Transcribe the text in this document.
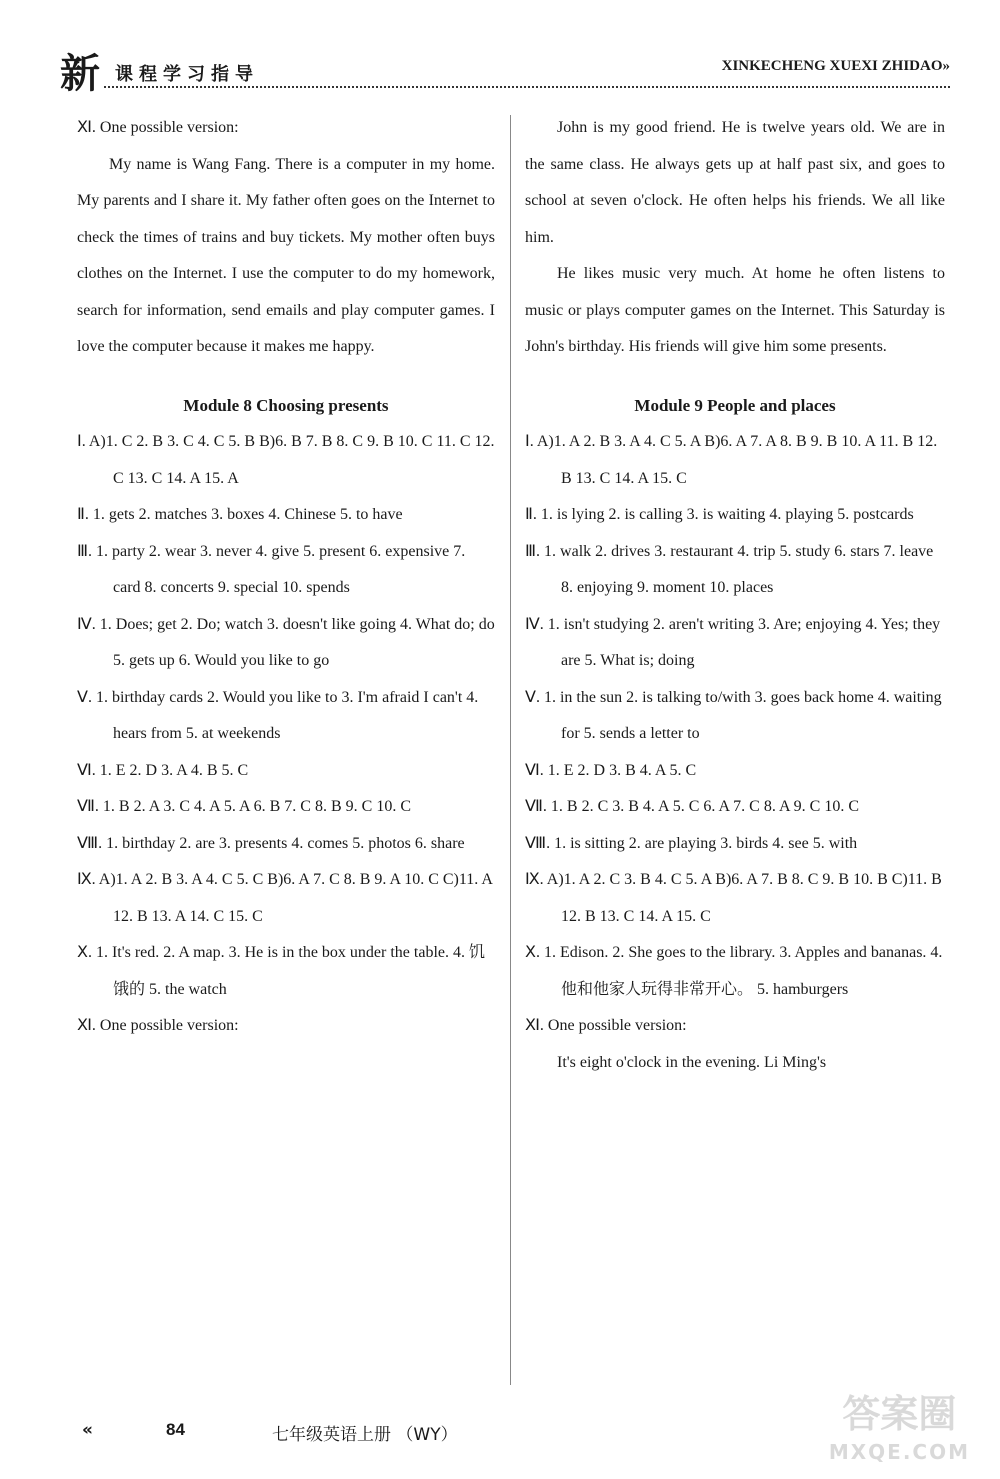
新 课程学习指导	XINKECHENG XUEXI ZHIDAO»

Ⅺ. One possible version:

My name is Wang Fang. There is a computer in my home. My parents and I share it. My father often goes on the Internet to check the times of trains and buy tickets. My mother often buys clothes on the Internet. I use the computer to do my homework, search for information, send emails and play computer games. I love the computer because it makes me happy.

Module 8 Choosing presents

Ⅰ. A)1. C 2. B 3. C 4. C 5. B B)6. B 7. B 8. C 9. B 10. C 11. C 12. C 13. C 14. A 15. A

Ⅱ. 1. gets 2. matches 3. boxes 4. Chinese 5. to have

Ⅲ. 1. party 2. wear 3. never 4. give 5. present 6. expensive 7. card 8. concerts 9. special 10. spends

Ⅳ. 1. Does; get 2. Do; watch 3. doesn't like going 4. What do; do 5. gets up 6. Would you like to go

Ⅴ. 1. birthday cards 2. Would you like to 3. I'm afraid I can't 4. hears from 5. at weekends

Ⅵ. 1. E 2. D 3. A 4. B 5. C

Ⅶ. 1. B 2. A 3. C 4. A 5. A 6. B 7. C 8. B 9. C 10. C

Ⅷ. 1. birthday 2. are 3. presents 4. comes 5. photos 6. share

Ⅸ. A)1. A 2. B 3. A 4. C 5. C B)6. A 7. C 8. B 9. A 10. C C)11. A 12. B 13. A 14. C 15. C

Ⅹ. 1. It's red. 2. A map. 3. He is in the box under the table. 4. 饥饿的 5. the watch

Ⅺ. One possible version:

John is my good friend. He is twelve years old. We are in the same class. He always gets up at half past six, and goes to school at seven o'clock. He often helps his friends. We all like him.

He likes music very much. At home he often listens to music or plays computer games on the Internet. This Saturday is John's birthday. His friends will give him some presents.

Module 9 People and places

Ⅰ. A)1. A 2. B 3. A 4. C 5. A B)6. A 7. A 8. B 9. B 10. A 11. B 12. B 13. C 14. A 15. C

Ⅱ. 1. is lying 2. is calling 3. is waiting 4. playing 5. postcards

Ⅲ. 1. walk 2. drives 3. restaurant 4. trip 5. study 6. stars 7. leave 8. enjoying 9. moment 10. places

Ⅳ. 1. isn't studying 2. aren't writing 3. Are; enjoying 4. Yes; they are 5. What is; doing

Ⅴ. 1. in the sun 2. is talking to/with 3. goes back home 4. waiting for 5. sends a letter to

Ⅵ. 1. E 2. D 3. B 4. A 5. C

Ⅶ. 1. B 2. C 3. B 4. A 5. C 6. A 7. C 8. A 9. C 10. C

Ⅷ. 1. is sitting 2. are playing 3. birds 4. see 5. with

Ⅸ. A)1. A 2. C 3. B 4. C 5. A B)6. A 7. B 8. C 9. B 10. B C)11. B 12. B 13. C 14. A 15. C

Ⅹ. 1. Edison. 2. She goes to the library. 3. Apples and bananas. 4. 他和他家人玩得非常开心。 5. hamburgers

Ⅺ. One possible version:

It's eight o'clock in the evening. Li Ming's

«	84	七年级英语上册 （WY）	答案圈
MXQE.COM
